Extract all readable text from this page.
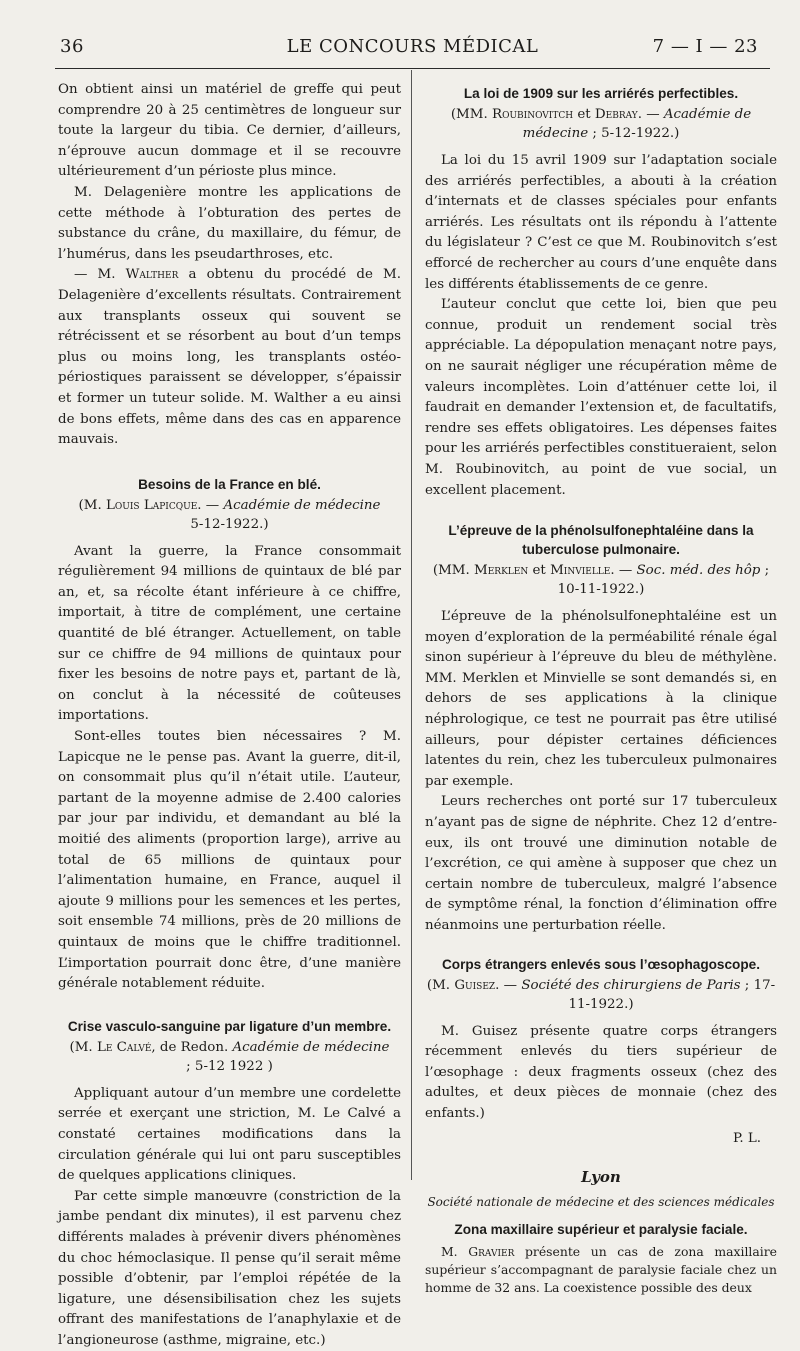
36	LE CONCOURS MÉDICAL	7 — I — 23

On obtient ainsi un matériel de greffe qui peut comprendre 20 à 25 centimètres de longueur sur toute la largeur du tibia. Ce dernier, d’ailleurs, n’éprouve aucun dommage et il se recouvre ultérieurement d’un périoste plus mince.

M. Delagenière montre les applications de cette méthode à l’obturation des pertes de substance du crâne, du maxillaire, du fémur, de l’humérus, dans les pseudarthroses, etc.

— M. Walther a obtenu du procédé de M. Delagenière d’excellents résultats. Contrairement aux transplants osseux qui souvent se rétrécissent et se résorbent au bout d’un temps plus ou moins long, les transplants ostéo-périostiques paraissent se développer, s’épaissir et former un tuteur solide. M. Walther a eu ainsi de bons effets, même dans des cas en apparence mauvais.

Besoins de la France en blé.
(M. Louis Lapicque. — Académie de médecine
5-12-1922.)

Avant la guerre, la France consommait régulièrement 94 millions de quintaux de blé par an, et, sa récolte étant inférieure à ce chiffre, importait, à titre de complément, une certaine quantité de blé étranger. Actuellement, on table sur ce chiffre de 94 millions de quintaux pour fixer les besoins de notre pays et, partant de là, on conclut à la nécessité de coûteuses importations.

Sont-elles toutes bien nécessaires ? M. Lapicque ne le pense pas. Avant la guerre, dit-il, on consommait plus qu’il n’était utile. L’auteur, partant de la moyenne admise de 2.400 calories par jour par individu, et demandant au blé la moitié des aliments (proportion large), arrive au total de 65 millions de quintaux pour l’alimentation humaine, en France, auquel il ajoute 9 millions pour les semences et les pertes, soit ensemble 74 millions, près de 20 millions de quintaux de moins que le chiffre traditionnel. L’importation pourrait donc être, d’une manière générale notablement réduite.

Crise vasculo-sanguine par ligature d’un membre.
(M. Le Calvé, de Redon. Académie de médecine
; 5-12 1922 )

Appliquant autour d’un membre une cordelette serrée et exerçant une striction, M. Le Calvé a constaté certaines modifications dans la circulation générale qui lui ont paru susceptibles de quelques applications cliniques.

Par cette simple manœuvre (constriction de la jambe pendant dix minutes), il est parvenu chez différents malades à prévenir divers phénomènes du choc hémoclasique. Il pense qu’il serait même possible d’obtenir, par l’emploi répétée de la ligature, une désensibilisation chez les sujets offrant des manifestations de l’anaphylaxie et de l’angioneurose (asthme, migraine, etc.)

La loi de 1909 sur les arriérés perfectibles.
(MM. Roubinovitch et Debray. — Académie de médecine ; 5-12-1922.)

La loi du 15 avril 1909 sur l’adaptation sociale des arriérés perfectibles, a abouti à la création d’internats et de classes spéciales pour enfants arriérés. Les résultats ont ils répondu à l’attente du législateur ? C’est ce que M. Roubinovitch s’est efforcé de rechercher au cours d’une enquête dans les différents établissements de ce genre.

L’auteur conclut que cette loi, bien que peu connue, produit un rendement social très appréciable. La dépopulation menaçant notre pays, on ne saurait négliger une récupération même de valeurs incomplètes. Loin d’atténuer cette loi, il faudrait en demander l’extension et, de facultatifs, rendre ses effets obligatoires. Les dépenses faites pour les arriérés perfectibles constitueraient, selon M. Roubinovitch, au point de vue social, un excellent placement.

L’épreuve de la phénolsulfonephtaléine dans la tuberculose pulmonaire.
(MM. Merklen et Minvielle. — Soc. méd. des hôp ; 10-11-1922.)

L’épreuve de la phénolsulfonephtaléine est un moyen d’exploration de la perméabilité rénale égal sinon supérieur à l’épreuve du bleu de méthylène. MM. Merklen et Minvielle se sont demandés si, en dehors de ses applications à la clinique néphrologique, ce test ne pourrait pas être utilisé ailleurs, pour dépister certaines déficiences latentes du rein, chez les tuberculeux pulmonaires par exemple.

Leurs recherches ont porté sur 17 tuberculeux n’ayant pas de signe de néphrite. Chez 12 d’entre-eux, ils ont trouvé une diminution notable de l’excrétion, ce qui amène à supposer que chez un certain nombre de tuberculeux, malgré l’absence de symptôme rénal, la fonction d’élimination offre néanmoins une perturbation réelle.

Corps étrangers enlevés sous l’œsophagoscope.
(M. Guisez. — Société des chirurgiens de Paris ; 17-11-1922.)

M. Guisez présente quatre corps étrangers récemment enlevés du tiers supérieur de l’œsophage : deux fragments osseux (chez des adultes, et deux pièces de monnaie (chez des enfants.)

P. L.
Lyon
Société nationale de médecine et des sciences médicales
Zona maxillaire supérieur et paralysie faciale.

M. Gravier présente un cas de zona maxillaire supérieur s’accompagnant de paralysie faciale chez un homme de 32 ans. La coexistence possible des deux
